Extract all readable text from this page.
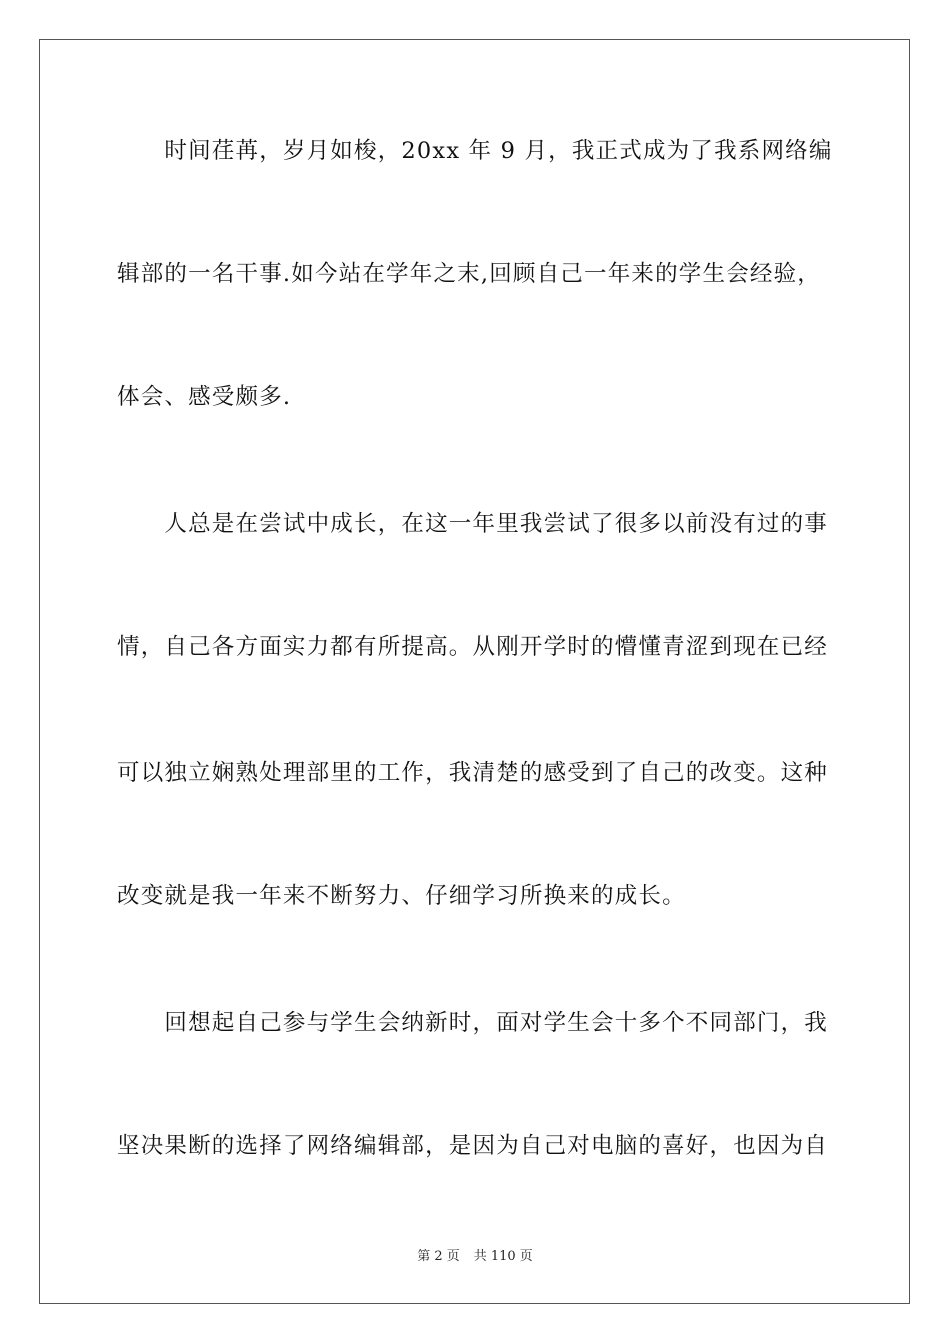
　　时间荏苒，岁月如梭，20xx 年 9 月，我正式成为了我系网络编
辑部的一名干事.如今站在学年之末,回顾自己一年来的学生会经验，
体会、感受颇多.
　　人总是在尝试中成长，在这一年里我尝试了很多以前没有过的事
情，自己各方面实力都有所提高。从刚开学时的懵懂青涩到现在已经
可以独立娴熟处理部里的工作，我清楚的感受到了自己的改变。这种
改变就是我一年来不断努力、仔细学习所换来的成长。
　　回想起自己参与学生会纳新时，面对学生会十多个不同部门，我
坚决果断的选择了网络编辑部，是因为自己对电脑的喜好，也因为自
第 2 页 共 110 页
